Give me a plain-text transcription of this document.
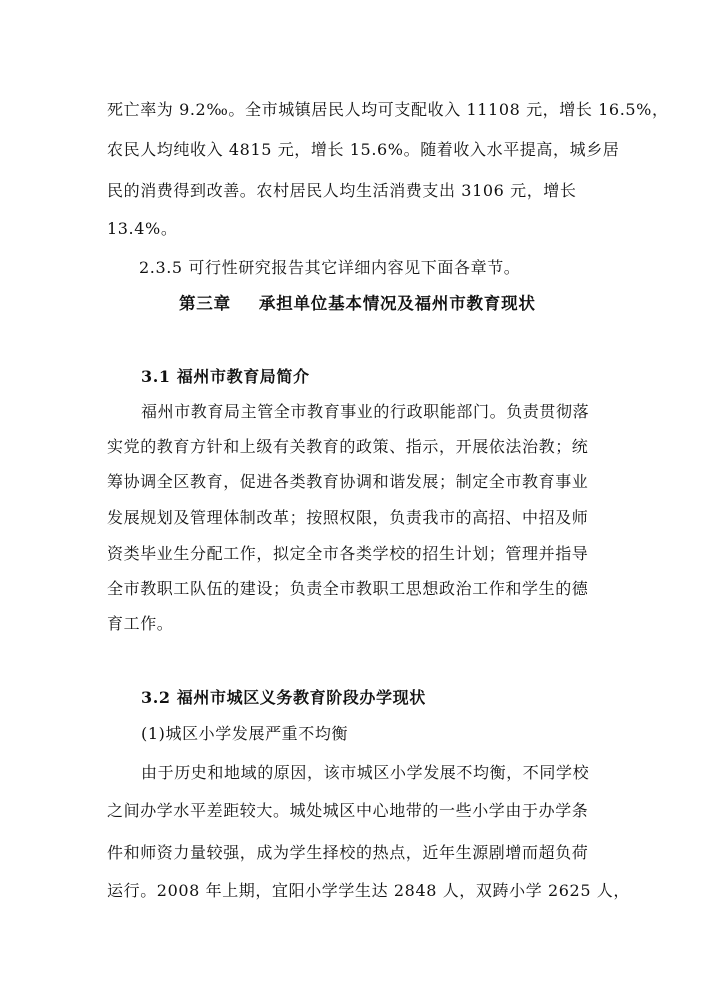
死亡率为 9.2‰。全市城镇居民人均可支配收入 11108 元，增长 16.5%，
农民人均纯收入 4815 元，增长 15.6%。随着收入水平提高，城乡居
民的消费得到改善。农村居民人均生活消费支出 3106 元，增长
13.4%。
2.3.5 可行性研究报告其它详细内容见下面各章节。
第三章 承担单位基本情况及福州市教育现状
3.1 福州市教育局简介
福州市教育局主管全市教育事业的行政职能部门。负责贯彻落
实党的教育方针和上级有关教育的政策、指示，开展依法治教；统
筹协调全区教育，促进各类教育协调和谐发展；制定全市教育事业
发展规划及管理体制改革；按照权限，负责我市的高招、中招及师
资类毕业生分配工作，拟定全市各类学校的招生计划；管理并指导
全市教职工队伍的建设；负责全市教职工思想政治工作和学生的德
育工作。
3.2 福州市城区义务教育阶段办学现状
(1)城区小学发展严重不均衡
由于历史和地域的原因，该市城区小学发展不均衡，不同学校
之间办学水平差距较大。城处城区中心地带的一些小学由于办学条
件和师资力量较强，成为学生择校的热点，近年生源剧增而超负荷
运行。2008 年上期，宜阳小学学生达 2848 人，双踌小学 2625 人，
